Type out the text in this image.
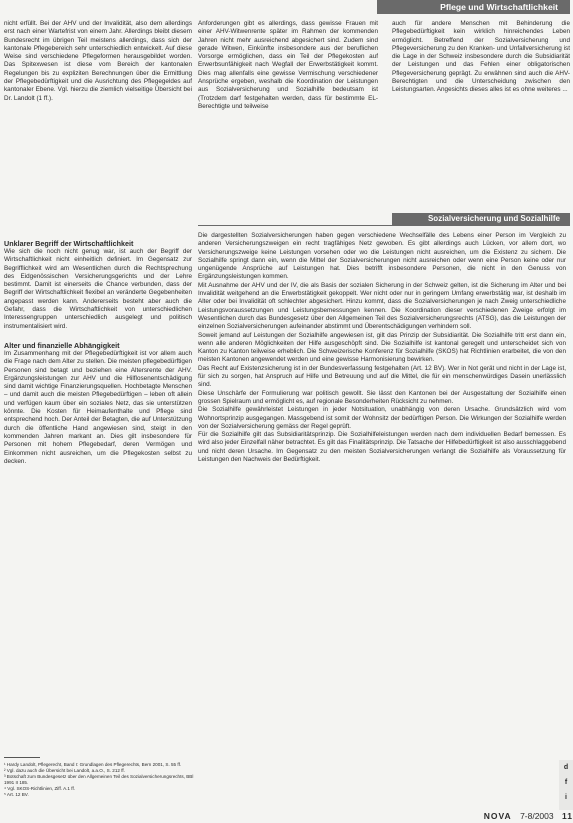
Pflege und Wirtschaftlichkeit

nicht erfüllt. Bei der AHV und der Invalidität, also dem allerdings erst nach einer Wartefrist von einem Jahr. Allerdings bleibt diesem Bundesrecht im übrigen Teil meistens allerdings, dass sich der kantonale Pflegebereich sehr unterschiedlich entwickelt. Auf diese Weise sind verschiedene Pflegeformen herausgebildet worden. Das Spitexwesen ist diese vom Bereich der kantonalen Regelungen bis zu expliziten Berechnungen über die Ermittlung der Pflegebedürftigkeit und die Ausrichtung des Pflegegeldes auf kantonaler Ebene. Vgl. hierzu die ziemlich vielseitige Übersicht bei Dr. Landolt (1 ff.).

Unklarer Begriff der Wirtschaftlichkeit

Wie sich die noch nicht genug war, ist auch der Begriff der Wirtschaftlichkeit nicht einheitlich definiert. Im Gegensatz zur Begrifflichkeit wird am Wesentlichen durch die Rechtsprechung des Eidgenössischen Versicherungsgerichts und der Lehre bestimmt. Damit ist einerseits die Chance verbunden, dass der Begriff der Wirtschaftlichkeit flexibel an veränderte Gegebenheiten angepasst werden kann. Andererseits besteht aber auch die Gefahr, dass die Wirtschaftlichkeit von unterschiedlichen Interessengruppen unterschiedlich ausgelegt und politisch instrumentalisiert wird.

Alter und finanzielle Abhängigkeit

Im Zusammenhang mit der Pflegebedürftigkeit ist vor allem auch die Frage nach dem Alter zu stellen. Die meisten pflegebedürftigen Personen sind betagt und beziehen eine Altersrente der AHV. Ergänzungsleistungen zur AHV und die Hilflosenentschädigung sind damit wichtige Finanzierungsquellen. Hochbetagte Menschen – und damit auch die meisten Pflegebedürftigen – leben oft allein und verfügen kaum über ein soziales Netz, das sie unterstützen könnte. Die Kosten für Heimaufenthalte und Pflege sind entsprechend hoch. Der Anteil der Betagten, die auf Unterstützung durch die öffentliche Hand angewiesen sind, steigt in den kommenden Jahren markant an. Dies gilt insbesondere für Personen mit hohem Pflegebedarf, deren Vermögen und Einkommen nicht ausreichen, um die Pflegekosten selbst zu decken.

Anforderungen gibt es allerdings, dass gewisse Frauen mit einer AHV-Witwenrente später im Rahmen der kommenden Jahren nicht mehr ausreichend abgesichert sind. Zudem sind gerade Witwen, Einkünfte insbesondere aus der beruflichen Vorsorge ermöglichen, dass ein Teil der Pflegekosten auf Erwerbsunfähigkeit nach Wegfall der Erwerbstätigkeit kommt. Dies mag allenfalls eine gewisse Vermischung verschiedener Ansprüche ergeben, weshalb die Koordination der Leistungen aus Sozialversicherung und Sozialhilfe bedeutsam ist (Trotzdem darf festgehalten werden, dass für bestimmte EL-Berechtigte und teilweise

auch für andere Menschen mit Behinderung die Pflegebedürftigkeit kein wirklich hinreichendes Leben ermöglicht. Betreffend der Sozialversicherung und Pflegeversicherung zu den Kranken- und Unfallversicherung ist die Lage in der Schweiz insbesondere durch die Subsidiarität der Leistungen und das Fehlen einer obligatorischen Pflegeversicherung geprägt. Zu erwähnen sind auch die AHV-Berechtigten und die Unterscheidung zwischen den Leistungsarten. Angesichts dieses alles ist es ohne weiteres ...

Sozialversicherung und Sozialhilfe

Die dargestellten Sozialversicherungen haben gegen verschiedene Wechselfälle des Lebens einer Person im Vergleich zu anderen Versicherungszweigen ein recht tragfähiges Netz gewoben. Es gibt allerdings auch Lücken, vor allem dort, wo Versicherungszweige keine Leistungen vorsehen oder wo die Leistungen nicht ausreichen, um die Existenz zu sichern. Die Sozialhilfe springt dann ein, wenn die Mittel der Sozialversicherungen nicht ausreichen oder wenn eine Person keine oder nur ungenügende Ansprüche auf Leistungen hat. Dies betrifft insbesondere Personen, die nicht in den Genuss von Ergänzungsleistungen kommen.

Mit Ausnahme der AHV und der IV, die als Basis der sozialen Sicherung in der Schweiz gelten, ist die Sicherung im Alter und bei Invalidität weitgehend an die Erwerbstätigkeit gekoppelt. Wer nicht oder nur in geringem Umfang erwerbstätig war, ist deshalb im Alter oder bei Invalidität oft schlechter abgesichert. Hinzu kommt, dass die Sozialversicherungen je nach Zweig unterschiedliche Leistungsvoraussetzungen und Leistungsbemessungen kennen. Die Koordination dieser verschiedenen Zweige erfolgt im Wesentlichen durch das Bundesgesetz über den Allgemeinen Teil des Sozialversicherungsrechts (ATSG), das die Leistungen der einzelnen Sozialversicherungen aufeinander abstimmt und Überentschädigungen verhindern soll.

Soweit jemand auf Leistungen der Sozialhilfe angewiesen ist, gilt das Prinzip der Subsidiarität. Die Sozialhilfe tritt erst dann ein, wenn alle anderen Möglichkeiten der Hilfe ausgeschöpft sind. Die Sozialhilfe ist kantonal geregelt und unterscheidet sich von Kanton zu Kanton teilweise erheblich. Die Schweizerische Konferenz für Sozialhilfe (SKOS) hat Richtlinien erarbeitet, die von den meisten Kantonen angewendet werden und eine gewisse Harmonisierung bewirken.

Das Recht auf Existenzsicherung ist in der Bundesverfassung festgehalten (Art. 12 BV). Wer in Not gerät und nicht in der Lage ist, für sich zu sorgen, hat Anspruch auf Hilfe und Betreuung und auf die Mittel, die für ein menschenwürdiges Dasein unerlässlich sind.

Diese Unschärfe der Formulierung war politisch gewollt. Sie lässt den Kantonen bei der Ausgestaltung der Sozialhilfe einen grossen Spielraum und ermöglicht es, auf regionale Besonderheiten Rücksicht zu nehmen.

Die Sozialhilfe gewährleistet Leistungen in jeder Notsituation, unabhängig von deren Ursache. Grundsätzlich wird vom Wohnortsprinzip ausgegangen. Massgebend ist somit der Wohnsitz der bedürftigen Person. Die Wirkungen der Sozialhilfe werden von der Sozialversicherung gemäss der Regel geprüft.

Für die Sozialhilfe gilt das Subsidiaritätsprinzip. Die Sozialhilfeleistungen werden nach dem individuellen Bedarf bemessen. Es wird also jeder Einzelfall näher betrachtet. Es gilt das Finalitätsprinzip. Die Tatsache der Hilfebedürftigkeit ist also ausschlaggebend und nicht deren Ursache. Im Gegensatz zu den meisten Sozialversicherungen verlangt die Sozialhilfe als Voraussetzung für Leistungen den Nachweis der Bedürftigkeit.

¹ Hardy Landolt, Pflegerecht, Band I: Grundlagen des Pflegerechts, Bern 2001, S. 55 ff.

² Vgl. dazu auch die Übersicht bei Landolt, a.a.O., S. 212 ff.

³ Botschaft zum Bundesgesetz über den Allgemeinen Teil des Sozialversicherungsrechts, BBl 1991 II 185.

⁴ Vgl. SKOS-Richtlinien, Ziff. A.1 ff.

⁵ Art. 12 BV.

d
f
i
NOVA 7-8/2003 11
